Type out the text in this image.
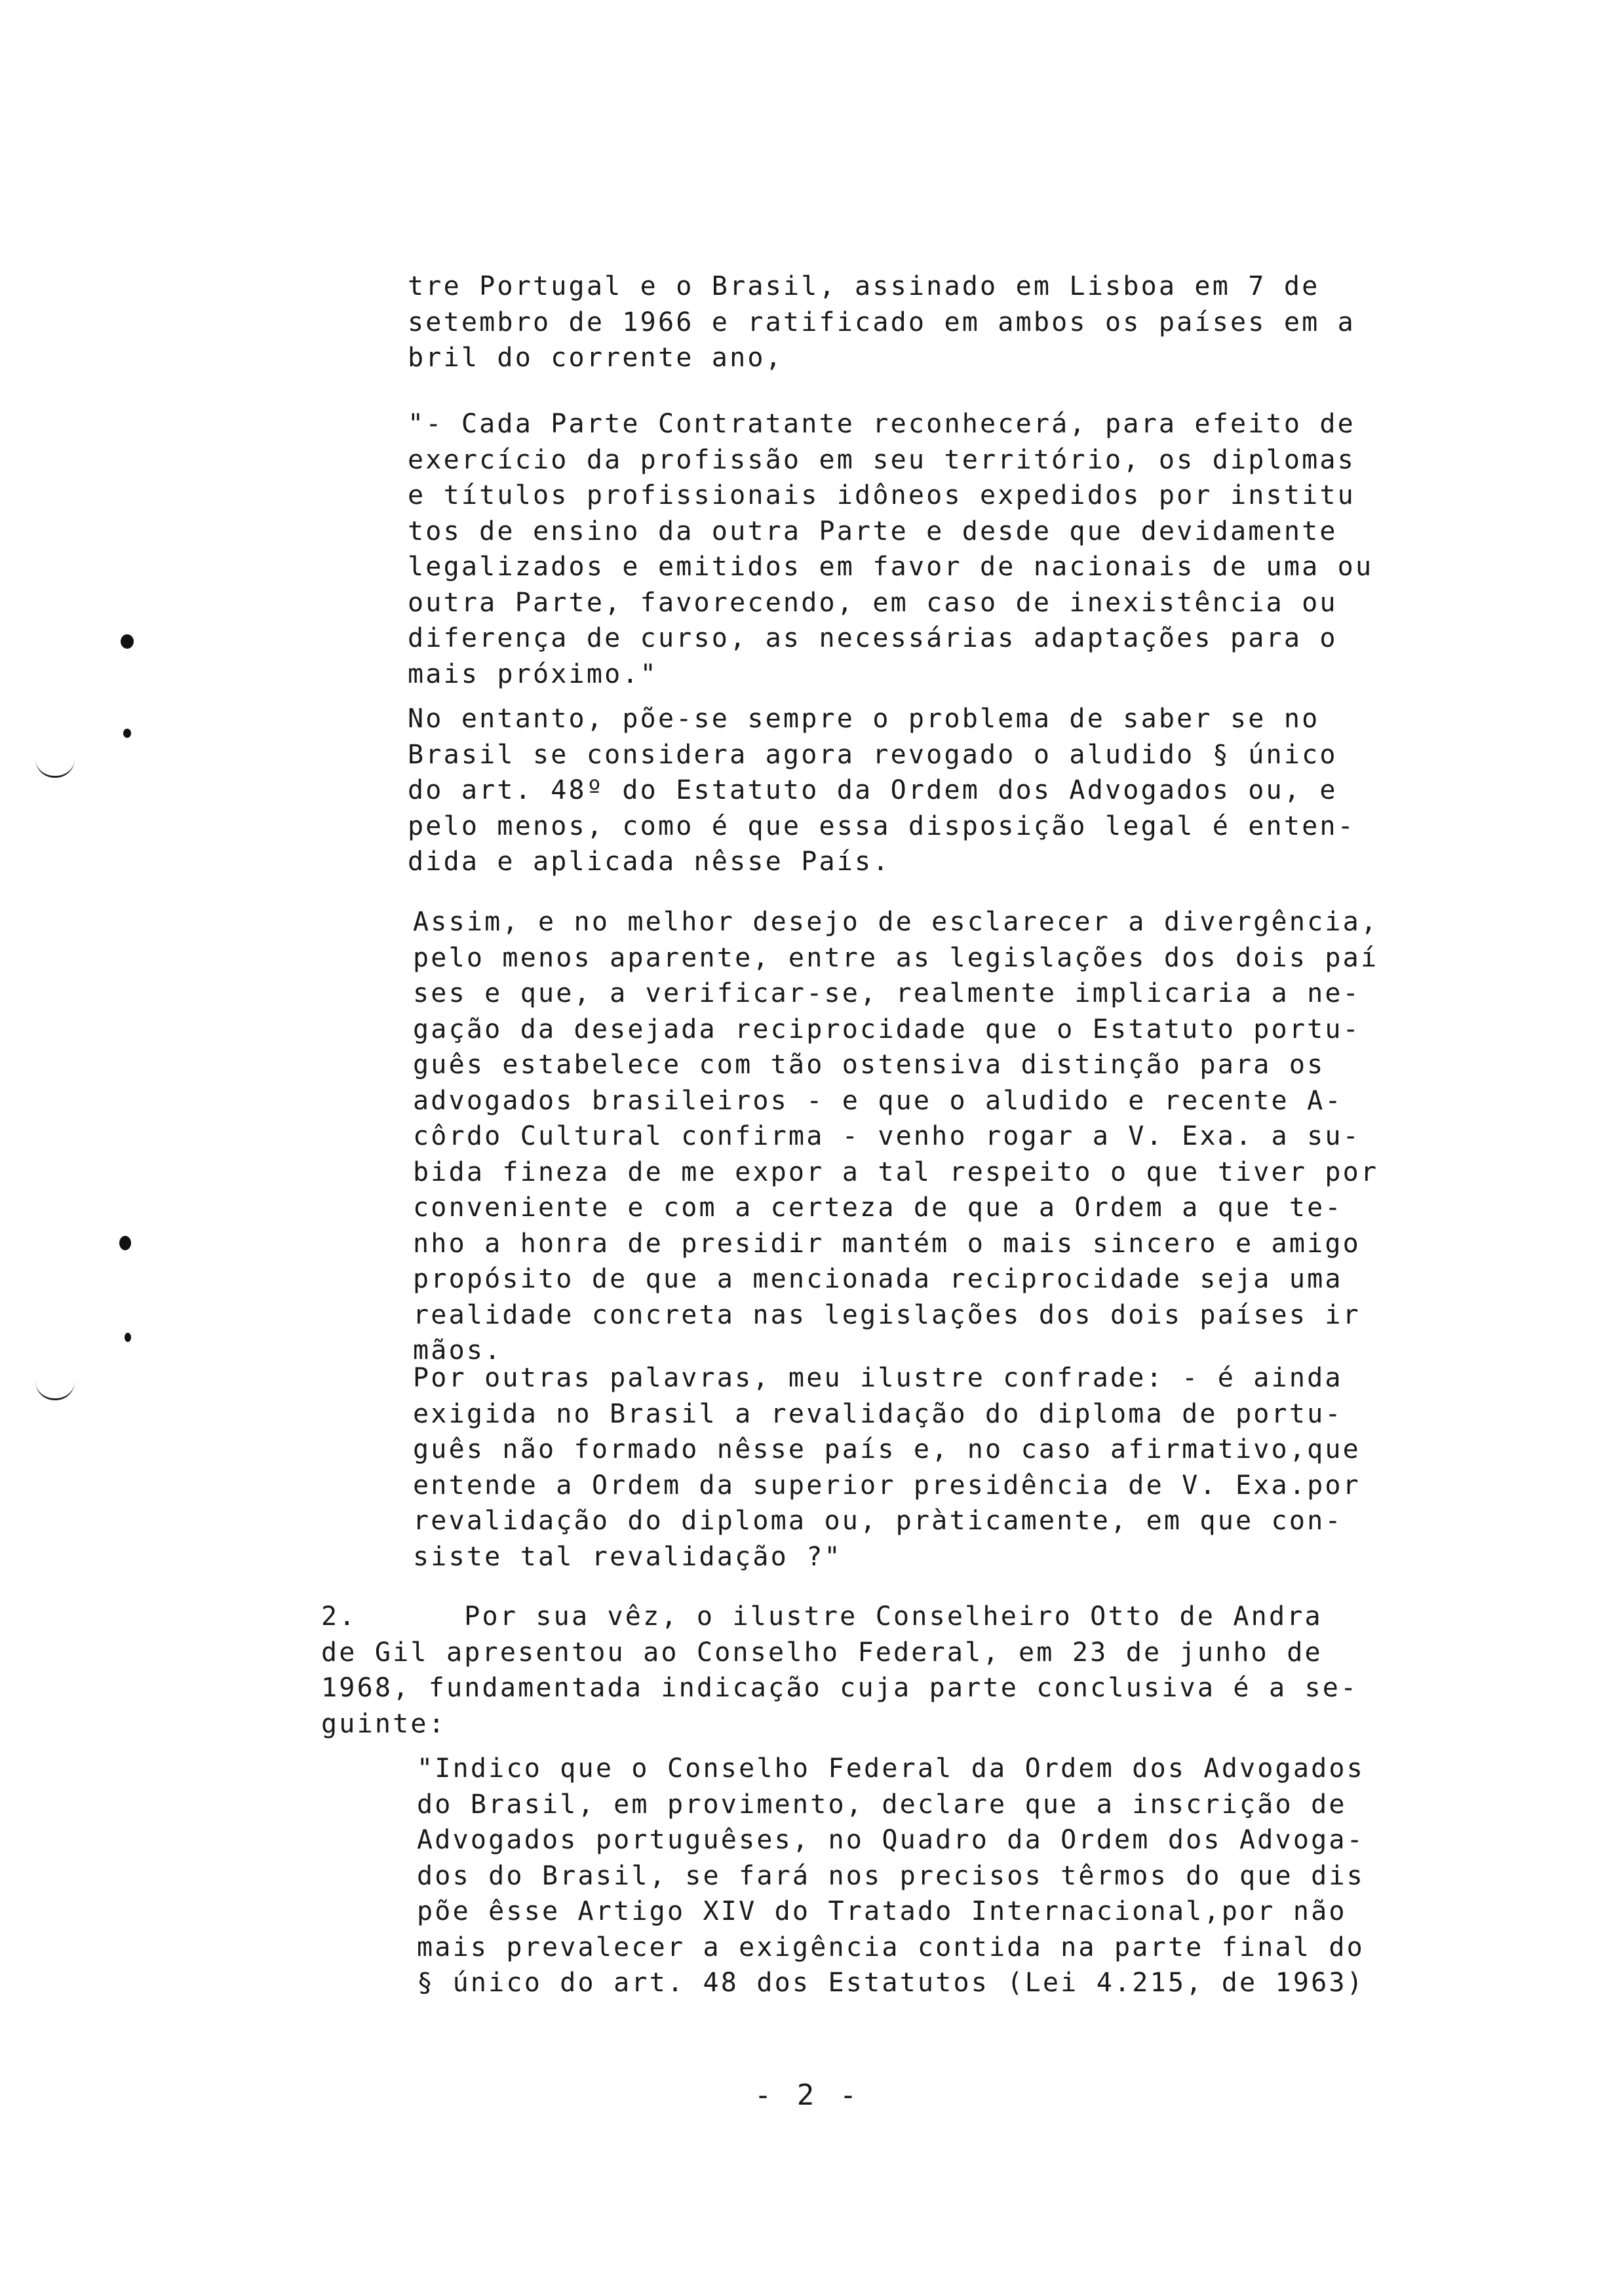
tre Portugal e o Brasil, assinado em Lisboa em 7 de
setembro de 1966 e ratificado em ambos os países em a
bril do corrente ano,

"- Cada Parte Contratante reconhecerá, para efeito de
exercício da profissão em seu território, os diplomas
e títulos profissionais idôneos expedidos por institu
tos de ensino da outra Parte e desde que devidamente
legalizados e emitidos em favor de nacionais de uma ou
outra Parte, favorecendo, em caso de inexistência ou
diferença de curso, as necessárias adaptações para o
mais próximo."

No entanto, põe-se sempre o problema de saber se no
Brasil se considera agora revogado o aludido § único
do art. 48º do Estatuto da Ordem dos Advogados ou, e
pelo menos, como é que essa disposição legal é enten-
dida e aplicada nêsse País.

Assim, e no melhor desejo de esclarecer a divergência,
pelo menos aparente, entre as legislações dos dois paí
ses e que, a verificar-se, realmente implicaria a ne-
gação da desejada reciprocidade que o Estatuto portu-
guês estabelece com tão ostensiva distinção para os
advogados brasileiros - e que o aludido e recente A-
côrdo Cultural confirma - venho rogar a V. Exa. a su-
bida fineza de me expor a tal respeito o que tiver por
conveniente e com a certeza de que a Ordem a que te-
nho a honra de presidir mantém o mais sincero e amigo
propósito de que a mencionada reciprocidade seja uma
realidade concreta nas legislações dos dois países ir
mãos.

Por outras palavras, meu ilustre confrade: - é ainda
exigida no Brasil a revalidação do diploma de portu-
guês não formado nêsse país e, no caso afirmativo,que
entende a Ordem da superior presidência de V. Exa.por
revalidação do diploma ou, pràticamente, em que con-
siste tal revalidação ?"

2.      Por sua vêz, o ilustre Conselheiro Otto de Andra
de Gil apresentou ao Conselho Federal, em 23 de junho de
1968, fundamentada indicação cuja parte conclusiva é a se-
guinte:

"Indico que o Conselho Federal da Ordem dos Advogados
do Brasil, em provimento, declare que a inscrição de
Advogados portuguêses, no Quadro da Ordem dos Advoga-
dos do Brasil, se fará nos precisos têrmos do que dis
põe êsse Artigo XIV do Tratado Internacional,por não
mais prevalecer a exigência contida na parte final do
§ único do art. 48 dos Estatutos (Lei 4.215, de 1963)

- 2 -
